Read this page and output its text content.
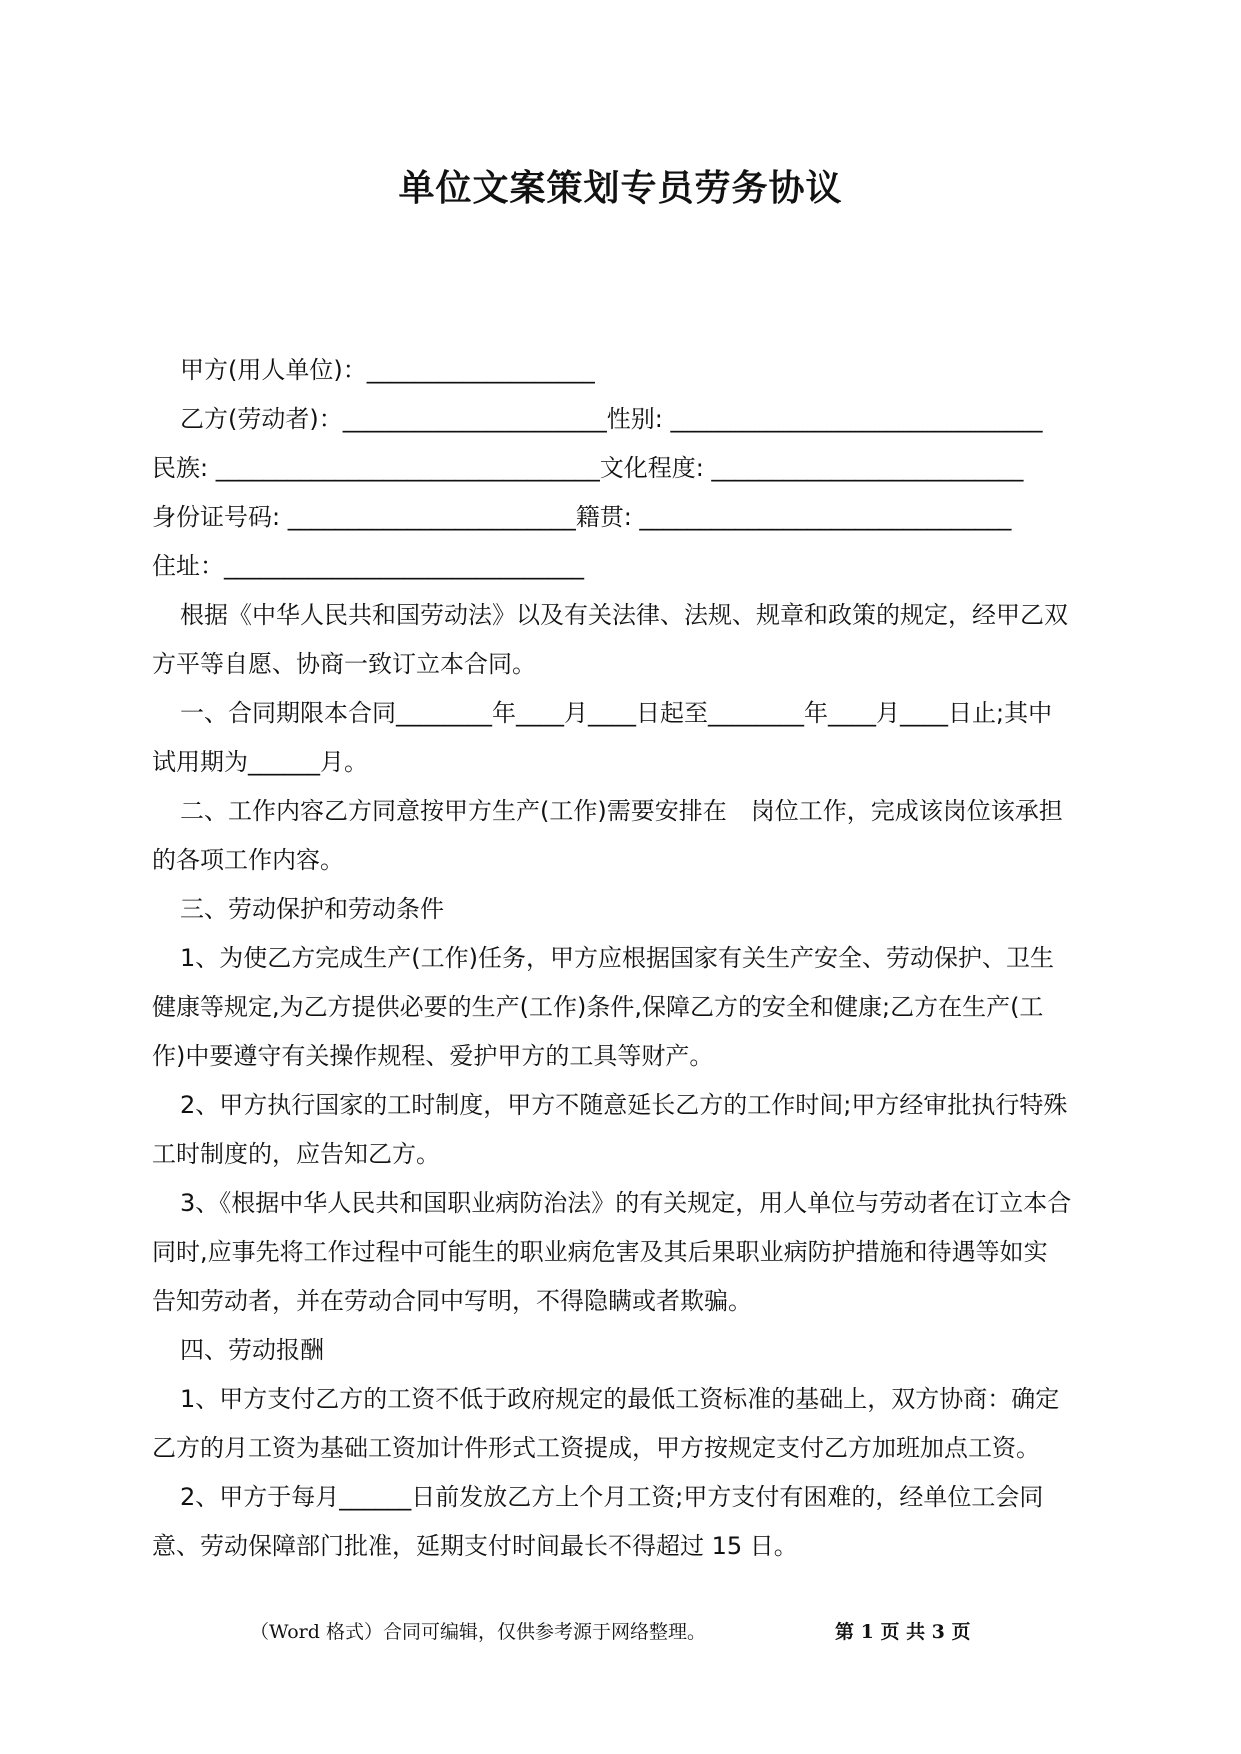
单位文案策划专员劳务协议
甲方(用人单位)：___________________
乙方(劳动者)：______________________性别: _______________________________
民族: ________________________________文化程度: __________________________
身份证号码: ________________________籍贯: _______________________________
住址：______________________________
根据《中华人民共和国劳动法》以及有关法律、法规、规章和政策的规定，经甲乙双
方平等自愿、协商一致订立本合同。
一、合同期限本合同________年____月____日起至________年____月____日止;其中
试用期为______月。
二、工作内容乙方同意按甲方生产(工作)需要安排在　岗位工作，完成该岗位该承担
的各项工作内容。
三、劳动保护和劳动条件
1、为使乙方完成生产(工作)任务，甲方应根据国家有关生产安全、劳动保护、卫生
健康等规定,为乙方提供必要的生产(工作)条件,保障乙方的安全和健康;乙方在生产(工
作)中要遵守有关操作规程、爱护甲方的工具等财产。
2、甲方执行国家的工时制度，甲方不随意延长乙方的工作时间;甲方经审批执行特殊
工时制度的，应告知乙方。
3、《根据中华人民共和国职业病防治法》的有关规定，用人单位与劳动者在订立本合
同时,应事先将工作过程中可能生的职业病危害及其后果职业病防护措施和待遇等如实
告知劳动者，并在劳动合同中写明，不得隐瞒或者欺骗。
四、劳动报酬
1、甲方支付乙方的工资不低于政府规定的最低工资标准的基础上，双方协商：确定
乙方的月工资为基础工资加计件形式工资提成，甲方按规定支付乙方加班加点工资。
2、甲方于每月______日前发放乙方上个月工资;甲方支付有困难的，经单位工会同
意、劳动保障部门批准，延期支付时间最长不得超过 15 日。
（Word 格式）合同可编辑，仅供参考源于网络整理。	第 1 页 共 3 页
